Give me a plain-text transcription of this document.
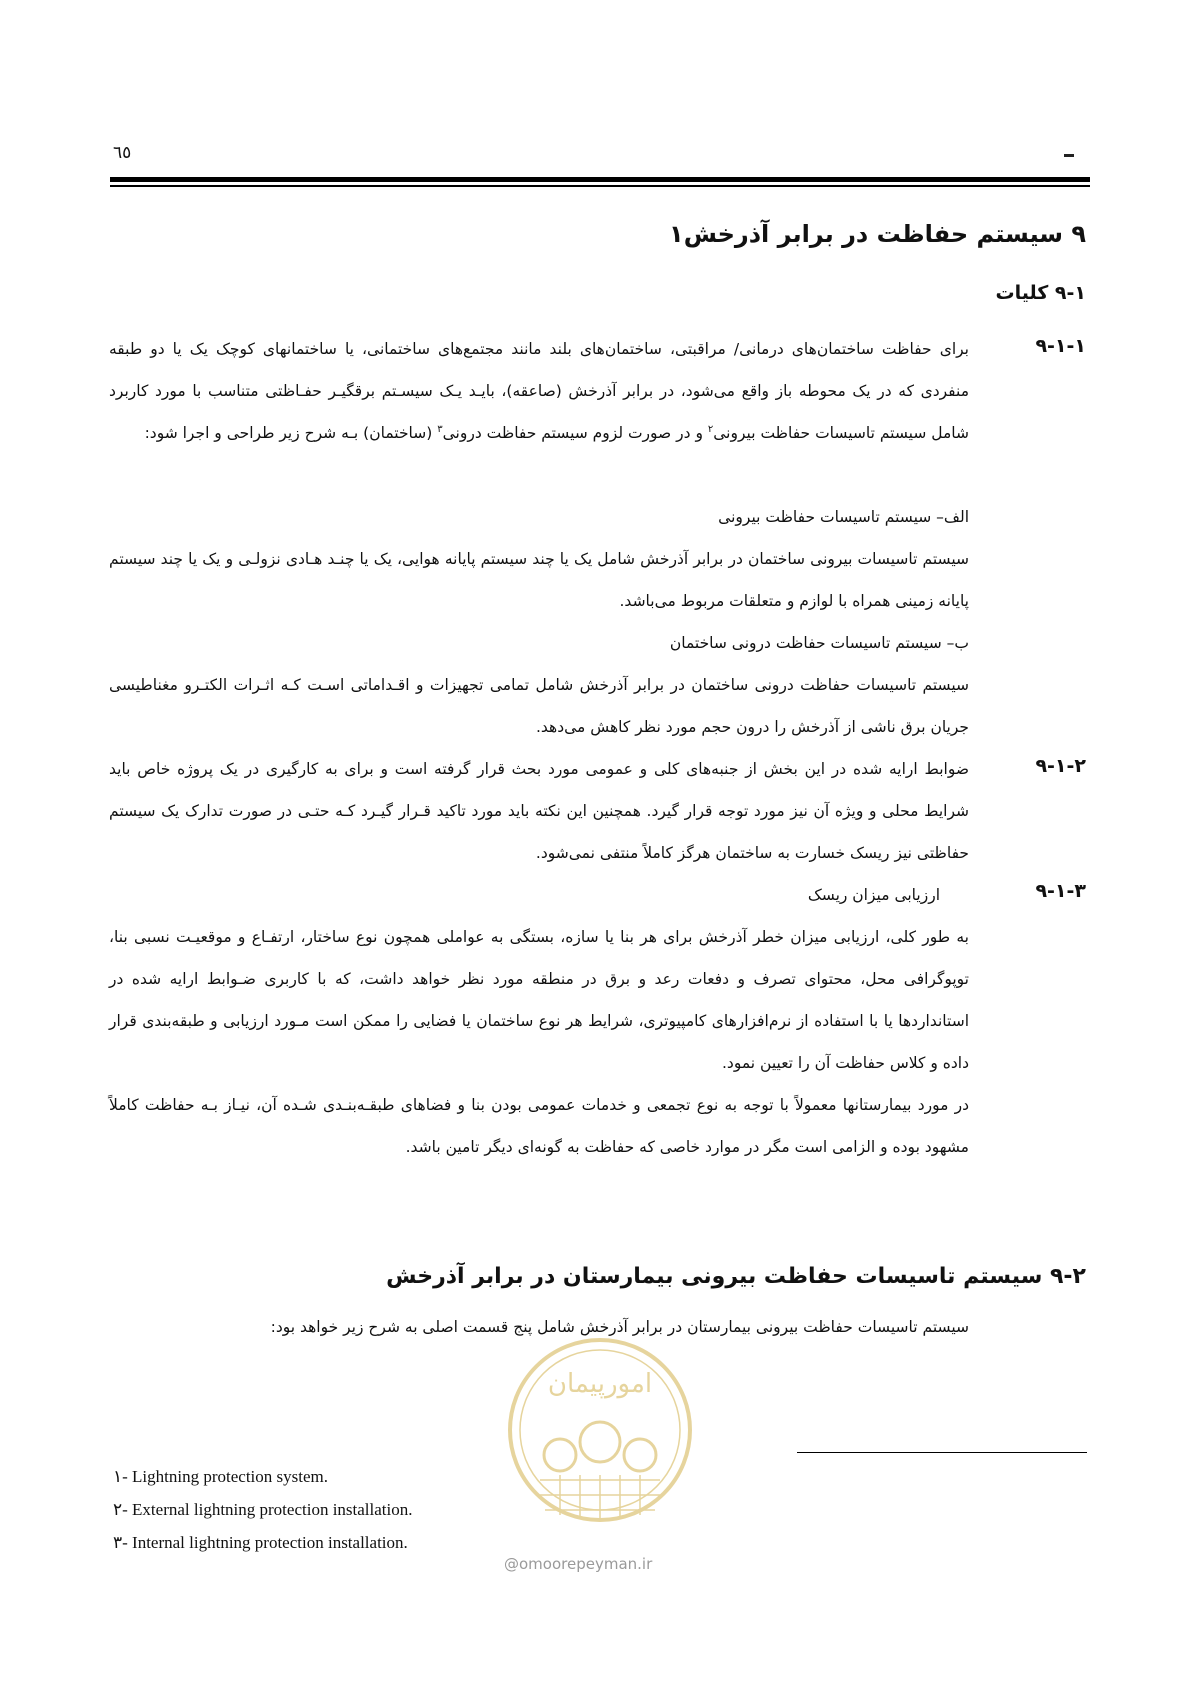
٦٥
۹ سیستم حفاظت در برابر آذرخش۱
۹-۱ کلیات
۹-۱-۱
برای حفاظت ساختمان‌های درمانی/ مراقبتی، ساختمان‌های بلند مانند مجتمع‌های ساختمانی، یا ساختمانهای کوچک یک یا دو طبقه منفردی که در یک محوطه باز واقع می‌شود، در برابر آذرخش (صاعقه)، بایـد یـک سیسـتم برقگیـر حفـاظتی متناسب با مورد کاربرد شامل سیستم تاسیسات حفاظت بیرونی$^۲$ و در صورت لزوم سیستم حفاظت درونی$^۳$ (ساختمان) بـه شرح زیر طراحی و اجرا شود:
الف– سیستم تاسیسات حفاظت بیرونی
سیستم تاسیسات بیرونی ساختمان در برابر آذرخش شامل یک یا چند سیستم پایانه هوایی، یک یا چنـد هـادی نزولـی و یک یا چند سیستم پایانه زمینی همراه با لوازم و متعلقات مربوط می‌باشد.
ب– سیستم تاسیسات حفاظت درونی ساختمان
سیستم تاسیسات حفاظت درونی ساختمان در برابر آذرخش شامل تمامی تجهیزات و اقـداماتی اسـت کـه اثـرات الکتـرو مغناطیسی جریان برق ناشی از آذرخش را درون حجم مورد نظر کاهش می‌دهد.
۹-۱-۲
ضوابط ارایه شده در این بخش از جنبه‌های کلی و عمومی مورد بحث قرار گرفته است و برای به کارگیری در یک پروژه خاص باید شرایط محلی و ویژه آن نیز مورد توجه قرار گیرد. همچنین این نکته باید مورد تاکید قـرار گیـرد کـه حتـی در صورت تدارک یک سیستم حفاظتی نیز ریسک خسارت به ساختمان هرگز کاملاً منتفی نمی‌شود.
۹-۱-۳
ارزیابی میزان ریسک
به طور کلی، ارزیابی میزان خطر آذرخش برای هر بنا یا سازه، بستگی به عواملی همچون نوع ساختار، ارتفـاع و موقعیـت نسبی بنا، توپوگرافی محل، محتوای تصرف و دفعات رعد و برق در منطقه مورد نظر خواهد داشت، که با کاربری ضـوابط ارایه شده در استانداردها یا با استفاده از نرم‌افزارهای کامپیوتری، شرایط هر نوع ساختمان یا فضایی را ممکن است مـورد ارزیابی و طبقه‌بندی قرار داده و کلاس حفاظت آن را تعیین نمود.
در مورد بیمارستانها معمولاً با توجه به نوع تجمعی و خدمات عمومی بودن بنا و فضاهای طبقـه‌بنـدی شـده آن، نیـاز بـه حفاظت کاملاً مشهود بوده و الزامی است مگر در موارد خاصی که حفاظت به گونه‌ای دیگر تامین باشد.
۹-۲ سیستم تاسیسات حفاظت بیرونی بیمارستان در برابر آذرخش
سیستم تاسیسات حفاظت بیرونی بیمارستان در برابر آذرخش شامل پنج قسمت اصلی به شرح زیر خواهد بود:
امورپیمان
@omoorepeyman.ir
۱- Lightning protection system.
۲- External lightning protection installation.
۳- Internal lightning protection installation.
